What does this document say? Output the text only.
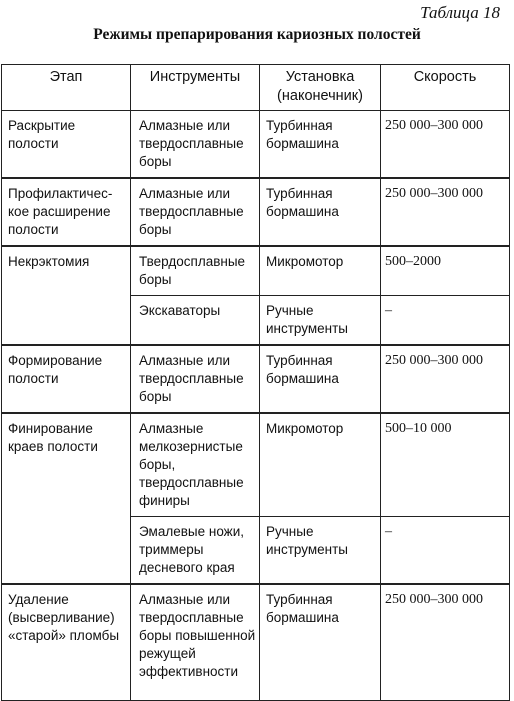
Таблица 18
Режимы препарирования кариозных полостей
Этап	Инструменты	Установка (наконечник)	Скорость
Раскрытие полости	Алмазные или твердосплавные боры	Турбинная бормашина	250 000–300 000
Профилактичес- кое расширение полости	Алмазные или твердосплавные боры	Турбинная бормашина	250 000–300 000
Некрэктомия	Твердосплавные боры	Микромотор	500–2000
	Экскаваторы	Ручные инструменты	–
Формирование полости	Алмазные или твердосплавные боры	Турбинная бормашина	250 000–300 000
Финирование краев полости	Алмазные мелкозернистые боры, твердосплавные финиры	Микромотор	500–10 000
	Эмалевые ножи, триммеры десневого края	Ручные инструменты	–
Удаление (высверливание) «старой» пломбы	Алмазные или твердосплавные боры повышенной режущей эффективности	Турбинная бормашина	250 000–300 000
